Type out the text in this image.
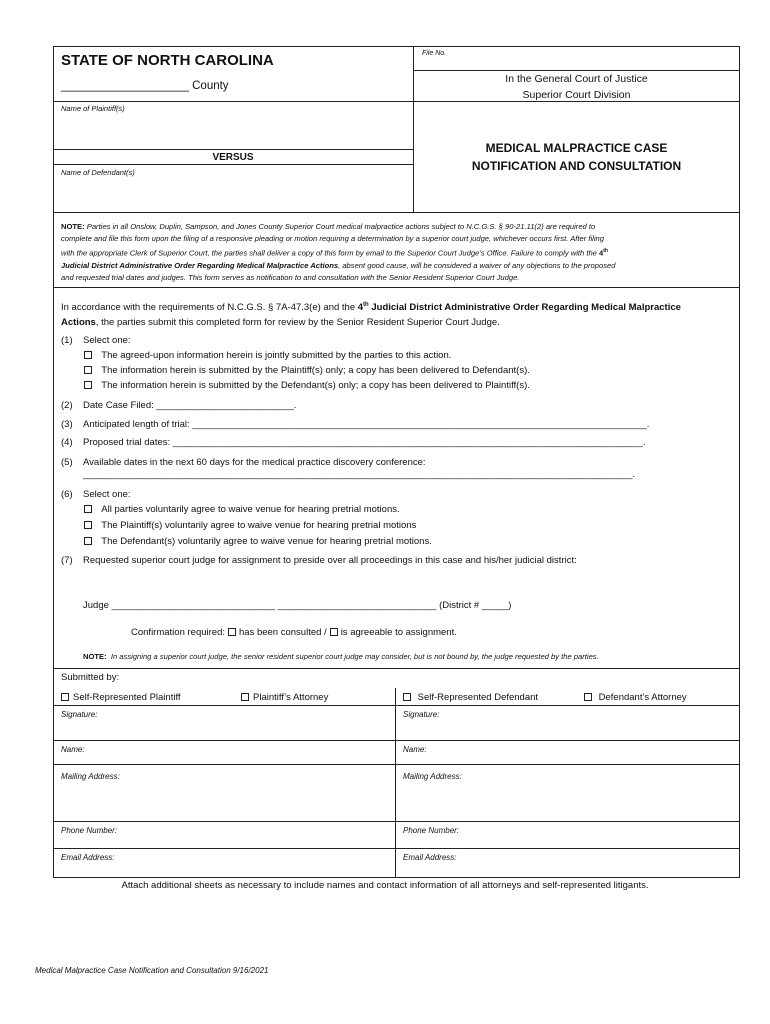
STATE OF NORTH CAROLINA	File No.
____________________ County
In the General Court of Justice
Superior Court Division
Name of Plaintiff(s)
VERSUS
Name of Defendant(s)
MEDICAL MALPRACTICE CASE
NOTIFICATION AND CONSULTATION
NOTE: Parties in all Onslow, Duplin, Sampson, and Jones County Superior Court medical malpractice actions subject to N.C.G.S. § 90-21.11(2) are required to
complete and file this form upon the filing of a responsive pleading or motion requiring a determination by a superior court judge, whichever occurs first. After filing
with the appropriate Clerk of Superior Court, the parties shall deliver a copy of this form by email to the Superior Court Judge’s Office. Failure to comply with the 4th
Judicial District Administrative Order Regarding Medical Malpractice Actions, absent good cause, will be considered a waiver of any objections to the proposed
and requested trial dates and judges. This form serves as notification to and consultation with the Senior Resident Superior Court Judge.
In accordance with the requirements of N.C.G.S. § 7A-47.3(e) and the 4th Judicial District Administrative Order Regarding Medical Malpractice
Actions, the parties submit this completed form for review by the Senior Resident Superior Court Judge.
(1) Select one:
The agreed-upon information herein is jointly submitted by the parties to this action.
The information herein is submitted by the Plaintiff(s) only; a copy has been delivered to Defendant(s).
The information herein is submitted by the Defendant(s) only; a copy has been delivered to Plaintiff(s).
(2) Date Case Filed: __________________________.
(3) Anticipated length of trial: ______________________________________________________________________________________.
(4) Proposed trial dates: _________________________________________________________________________________________.
(5) Available dates in the next 60 days for the medical practice discovery conference:
________________________________________________________________________________________________________.
(6) Select one:
All parties voluntarily agree to waive venue for hearing pretrial motions.
The Plaintiff(s) voluntarily agree to waive venue for hearing pretrial motions
The Defendant(s) voluntarily agree to waive venue for hearing pretrial motions.
(7) Requested superior court judge for assignment to preside over all proceedings in this case and his/her judicial district:
Judge _______________________________ ______________________________ (District # _____)
Confirmation required: has been consulted / is agreeable to assignment.
NOTE: In assigning a superior court judge, the senior resident superior court judge may consider, but is not bound by, the judge requested by the parties.
Submitted by:
Self-Represented Plaintiff	Plaintiff’s Attorney	Self-Represented Defendant	Defendant’s Attorney
Signature:	Signature:
Name:	Name:
Mailing Address:	Mailing Address:
Phone Number:	Phone Number:
Email Address:	Email Address:
Attach additional sheets as necessary to include names and contact information of all attorneys and self-represented litigants.
Medical Malpractice Case Notification and Consultation 9/16/2021
